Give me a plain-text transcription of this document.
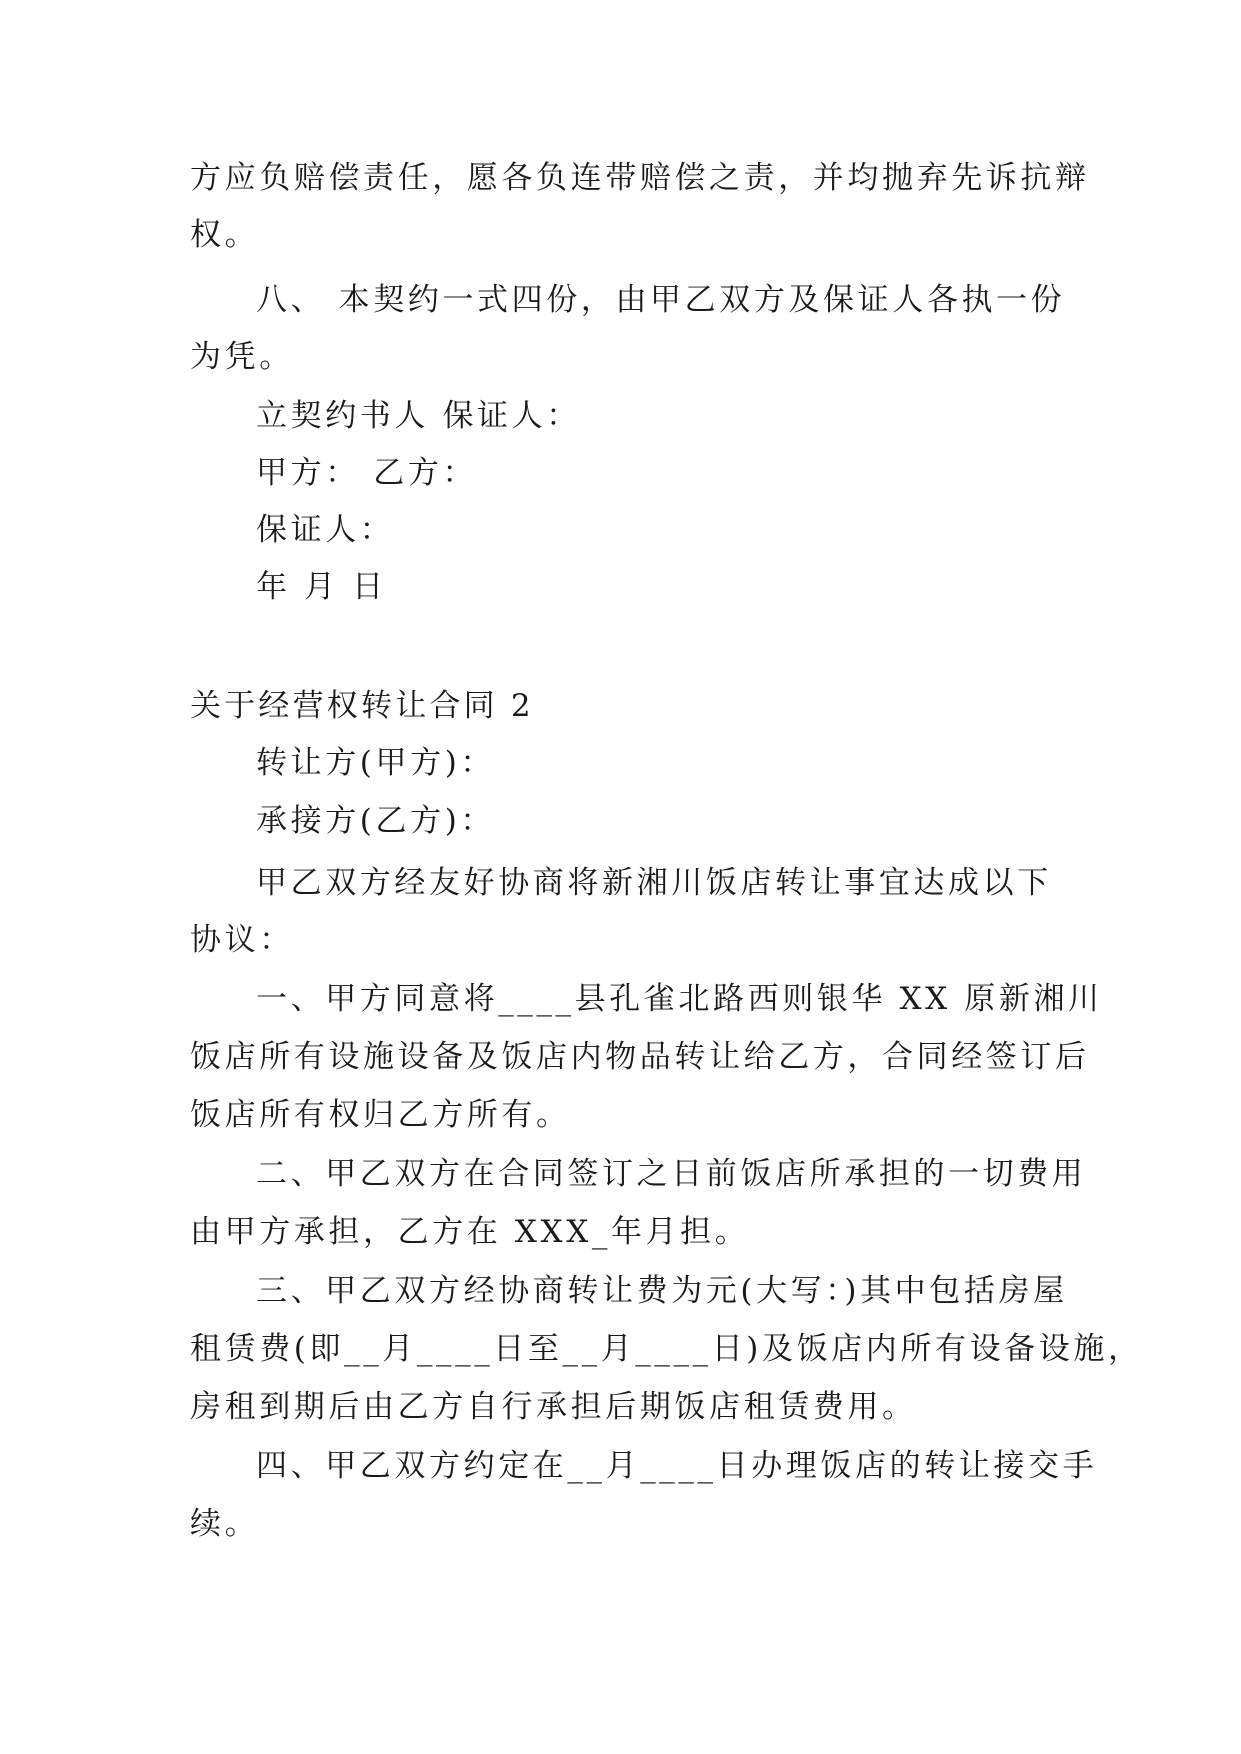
方应负赔偿责任，愿各负连带赔偿之责，并均抛弃先诉抗辩
权。
八、 本契约一式四份，由甲乙双方及保证人各执一份
为凭。
立契约书人 保证人：
甲方： 乙方：
保证人：
年 月 日
关于经营权转让合同 2
转让方(甲方)：
承接方(乙方)：
甲乙双方经友好协商将新湘川饭店转让事宜达成以下
协议：
一、甲方同意将____县孔雀北路西则银华 XX 原新湘川
饭店所有设施设备及饭店内物品转让给乙方，合同经签订后
饭店所有权归乙方所有。
二、甲乙双方在合同签订之日前饭店所承担的一切费用
由甲方承担，乙方在 XXX_年月担。
三、甲乙双方经协商转让费为元(大写：)其中包括房屋
租赁费(即__月____日至__月____日)及饭店内所有设备设施，
房租到期后由乙方自行承担后期饭店租赁费用。
四、甲乙双方约定在__月____日办理饭店的转让接交手
续。
